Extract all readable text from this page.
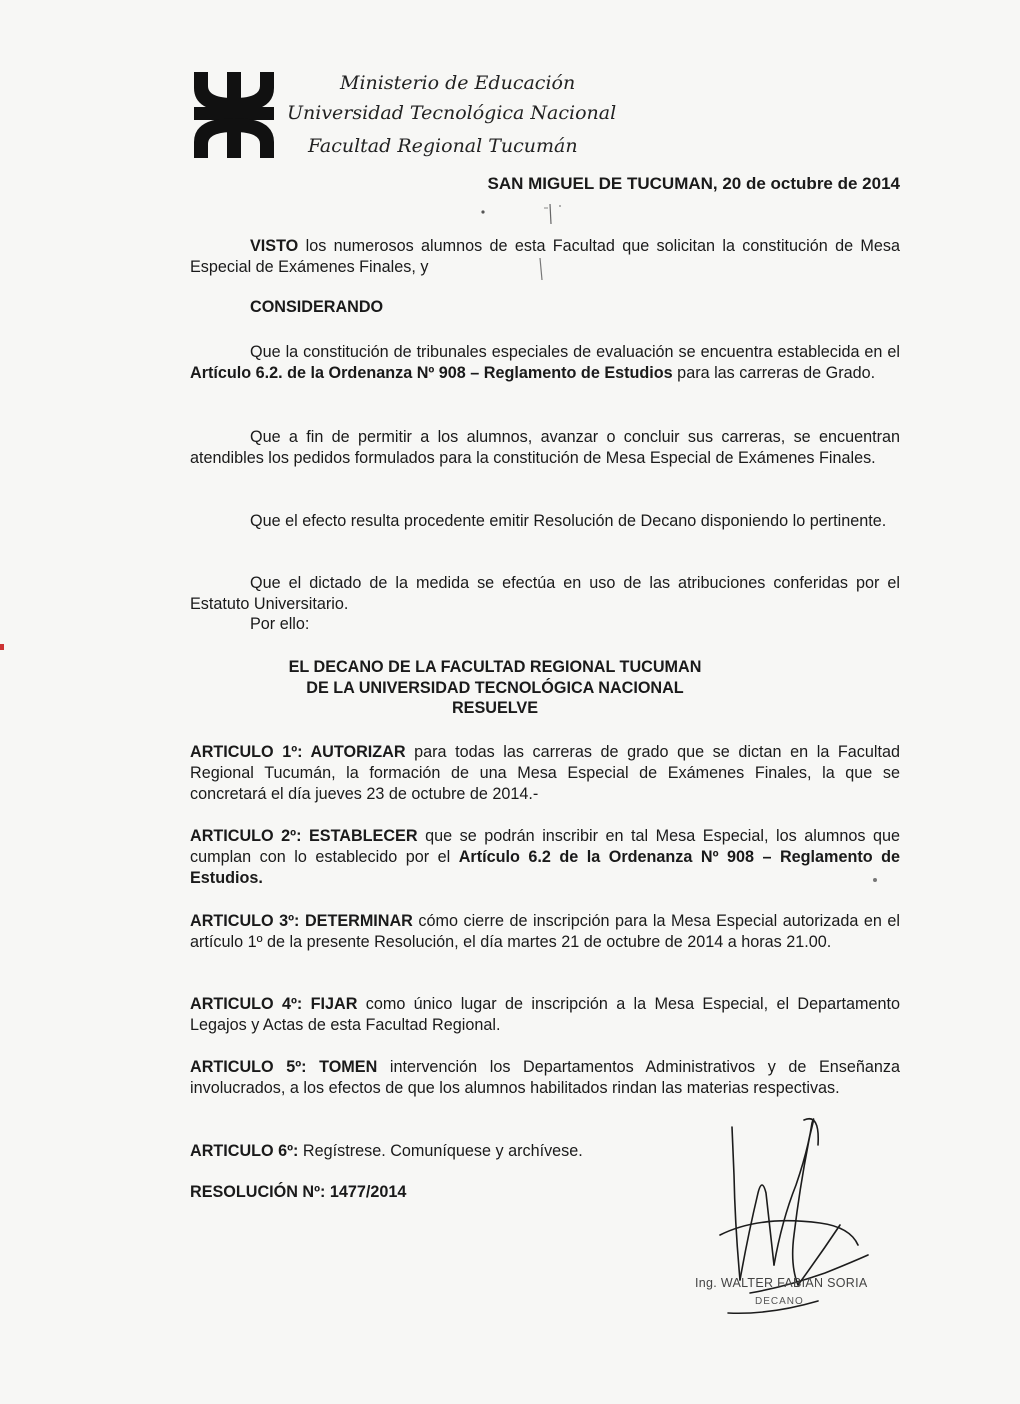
Ministerio de Educación
Universidad Tecnológica Nacional
Facultad Regional Tucumán
SAN MIGUEL DE TUCUMAN, 20 de octubre de 2014

VISTO los numerosos alumnos de esta Facultad que solicitan la constitución de Mesa Especial de Exámenes Finales, y

CONSIDERANDO

Que la constitución de tribunales especiales de evaluación se encuentra establecida en el Artículo 6.2. de la Ordenanza Nº 908 – Reglamento de Estudios para las carreras de Grado.

Que a fin de permitir a los alumnos, avanzar o concluir sus carreras, se encuentran atendibles los pedidos formulados para la constitución de Mesa Especial de Exámenes Finales.

Que el efecto resulta procedente emitir Resolución de Decano disponiendo lo pertinente.

Que el dictado de la medida se efectúa en uso de las atribuciones conferidas por el Estatuto Universitario.

Por ello:
EL DECANO DE LA FACULTAD REGIONAL TUCUMAN
DE LA UNIVERSIDAD TECNOLÓGICA NACIONAL
RESUELVE
ARTICULO 1º: AUTORIZAR para todas las carreras de grado que se dictan en la Facultad Regional Tucumán, la formación de una Mesa Especial de Exámenes Finales, la que se concretará el día jueves 23 de octubre de 2014.-
ARTICULO 2º: ESTABLECER que se podrán inscribir en tal Mesa Especial, los alumnos que cumplan con lo establecido por el Artículo 6.2 de la Ordenanza Nº 908 – Reglamento de Estudios.
ARTICULO 3º: DETERMINAR cómo cierre de inscripción para la Mesa Especial autorizada en el artículo 1º de la presente Resolución, el día martes 21 de octubre de 2014 a horas 21.00.
ARTICULO 4º: FIJAR como único lugar de inscripción a la Mesa Especial, el Departamento Legajos y Actas de esta Facultad Regional.
ARTICULO 5º: TOMEN intervención los Departamentos Administrativos y de Enseñanza involucrados, a los efectos de que los alumnos habilitados rindan las materias respectivas.
ARTICULO 6º: Regístrese. Comuníquese y archívese.
RESOLUCIÓN Nº: 1477/2014
Ing. WALTER FABIAN SORIA
DECANO
